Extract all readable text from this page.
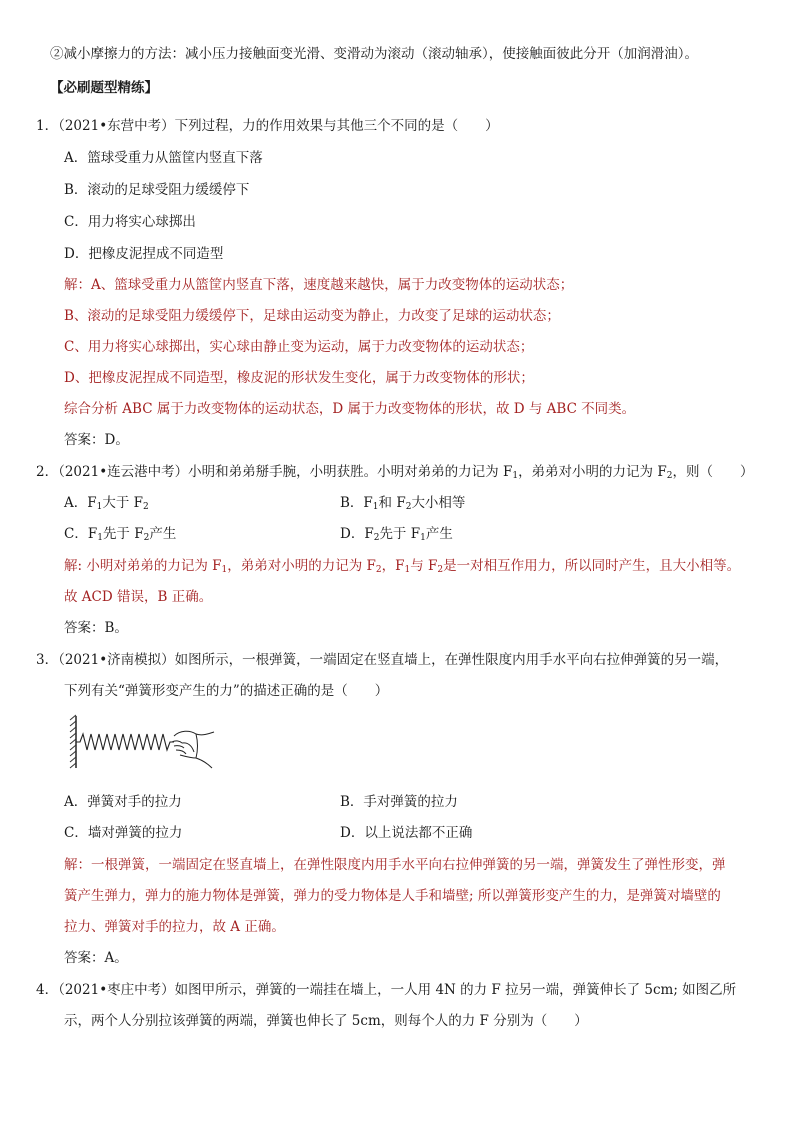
②减小摩擦力的方法：减小压力接触面变光滑、变滑动为滚动（滚动轴承），使接触面彼此分开（加润滑油）。
【必刷题型精练】
1．（2021•东营中考）下列过程，力的作用效果与其他三个不同的是（　　）
A．篮球受重力从篮筐内竖直下落
B．滚动的足球受阻力缓缓停下
C．用力将实心球掷出
D．把橡皮泥捏成不同造型
解：A、篮球受重力从篮筐内竖直下落，速度越来越快，属于力改变物体的运动状态；
B、滚动的足球受阻力缓缓停下，足球由运动变为静止，力改变了足球的运动状态；
C、用力将实心球掷出，实心球由静止变为运动，属于力改变物体的运动状态；
D、把橡皮泥捏成不同造型，橡皮泥的形状发生变化，属于力改变物体的形状；
综合分析 ABC 属于力改变物体的运动状态，D 属于力改变物体的形状，故 D 与 ABC 不同类。
答案：D。
2．（2021•连云港中考）小明和弟弟掰手腕，小明获胜。小明对弟弟的力记为 $F_1$，弟弟对小明的力记为 $F_2$，则（　　）
A．$F_1$大于 $F_2$	B．$F_1$和 $F_2$大小相等
C．$F_1$先于 $F_2$产生	D．$F_2$先于 $F_1$产生
解: 小明对弟弟的力记为 $F_1$，弟弟对小明的力记为 $F_2$，$F_1$与 $F_2$是一对相互作用力，所以同时产生，且大小相等。
故 ACD 错误，B 正确。
答案：B。
3．（2021•济南模拟）如图所示，一根弹簧，一端固定在竖直墙上，在弹性限度内用手水平向右拉伸弹簧的另一端，
下列有关“弹簧形变产生的力”的描述正确的是（　　）
A．弹簧对手的拉力	B．手对弹簧的拉力
C．墙对弹簧的拉力	D．以上说法都不正确
解：一根弹簧，一端固定在竖直墙上，在弹性限度内用手水平向右拉伸弹簧的另一端，弹簧发生了弹性形变，弹
簧产生弹力，弹力的施力物体是弹簧，弹力的受力物体是人手和墙壁; 所以弹簧形变产生的力，是弹簧对墙壁的
拉力、弹簧对手的拉力，故 A 正确。
答案：A。
4．（2021•枣庄中考）如图甲所示，弹簧的一端挂在墙上，一人用 4N 的力 F 拉另一端，弹簧伸长了 5cm; 如图乙所
示，两个人分别拉该弹簧的两端，弹簧也伸长了 5cm，则每个人的力 F 分别为（　　）
